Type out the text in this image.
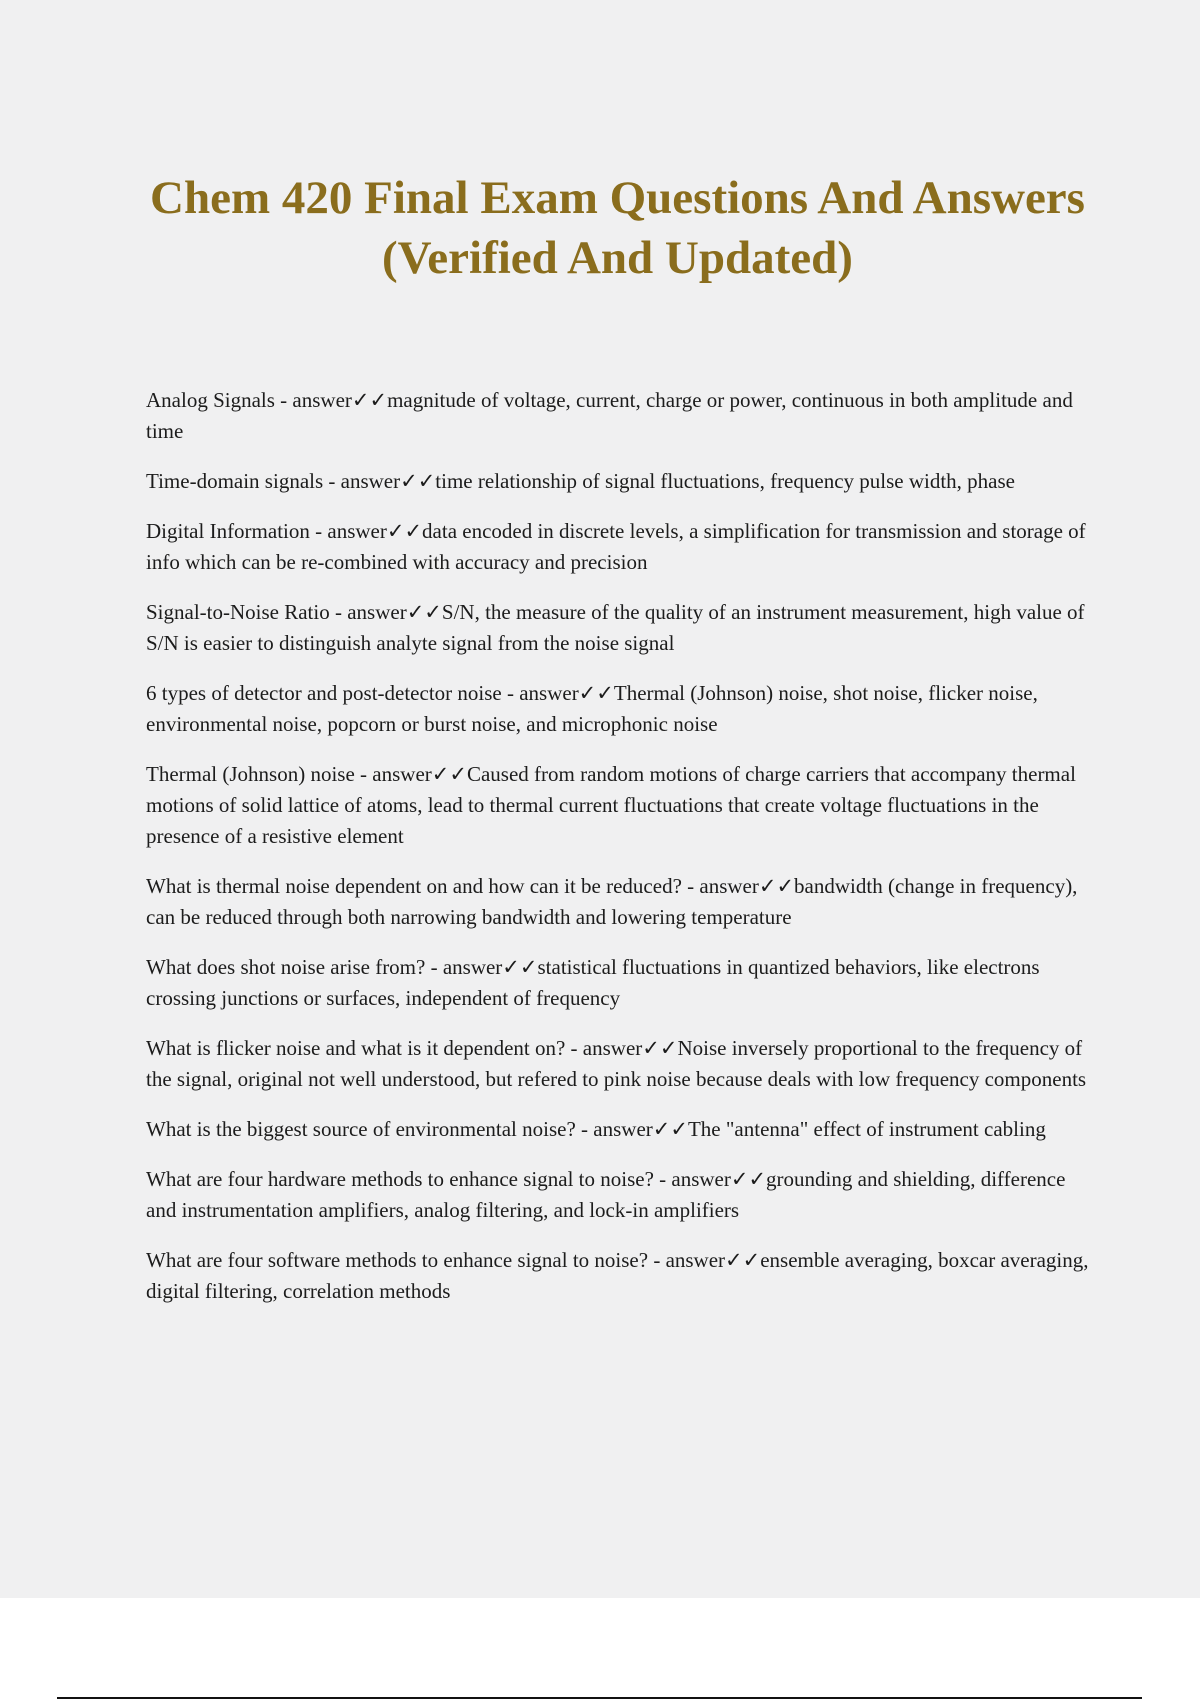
Chem 420 Final Exam Questions And Answers (Verified And Updated)
Analog Signals - answer✓✓magnitude of voltage, current, charge or power, continuous in both amplitude and time
Time-domain signals - answer✓✓time relationship of signal fluctuations, frequency pulse width, phase
Digital Information - answer✓✓data encoded in discrete levels, a simplification for transmission and storage of info which can be re-combined with accuracy and precision
Signal-to-Noise Ratio - answer✓✓S/N, the measure of the quality of an instrument measurement, high value of S/N is easier to distinguish analyte signal from the noise signal
6 types of detector and post-detector noise - answer✓✓Thermal (Johnson) noise, shot noise, flicker noise, environmental noise, popcorn or burst noise, and microphonic noise
Thermal (Johnson) noise - answer✓✓Caused from random motions of charge carriers that accompany thermal motions of solid lattice of atoms, lead to thermal current fluctuations that create voltage fluctuations in the presence of a resistive element
What is thermal noise dependent on and how can it be reduced? - answer✓✓bandwidth (change in frequency), can be reduced through both narrowing bandwidth and lowering temperature
What does shot noise arise from? - answer✓✓statistical fluctuations in quantized behaviors, like electrons crossing junctions or surfaces, independent of frequency
What is flicker noise and what is it dependent on? - answer✓✓Noise inversely proportional to the frequency of the signal, original not well understood, but refered to pink noise because deals with low frequency components
What is the biggest source of environmental noise? - answer✓✓The "antenna" effect of instrument cabling
What are four hardware methods to enhance signal to noise? - answer✓✓grounding and shielding, difference and instrumentation amplifiers, analog filtering, and lock-in amplifiers
What are four software methods to enhance signal to noise? - answer✓✓ensemble averaging, boxcar averaging, digital filtering, correlation methods
